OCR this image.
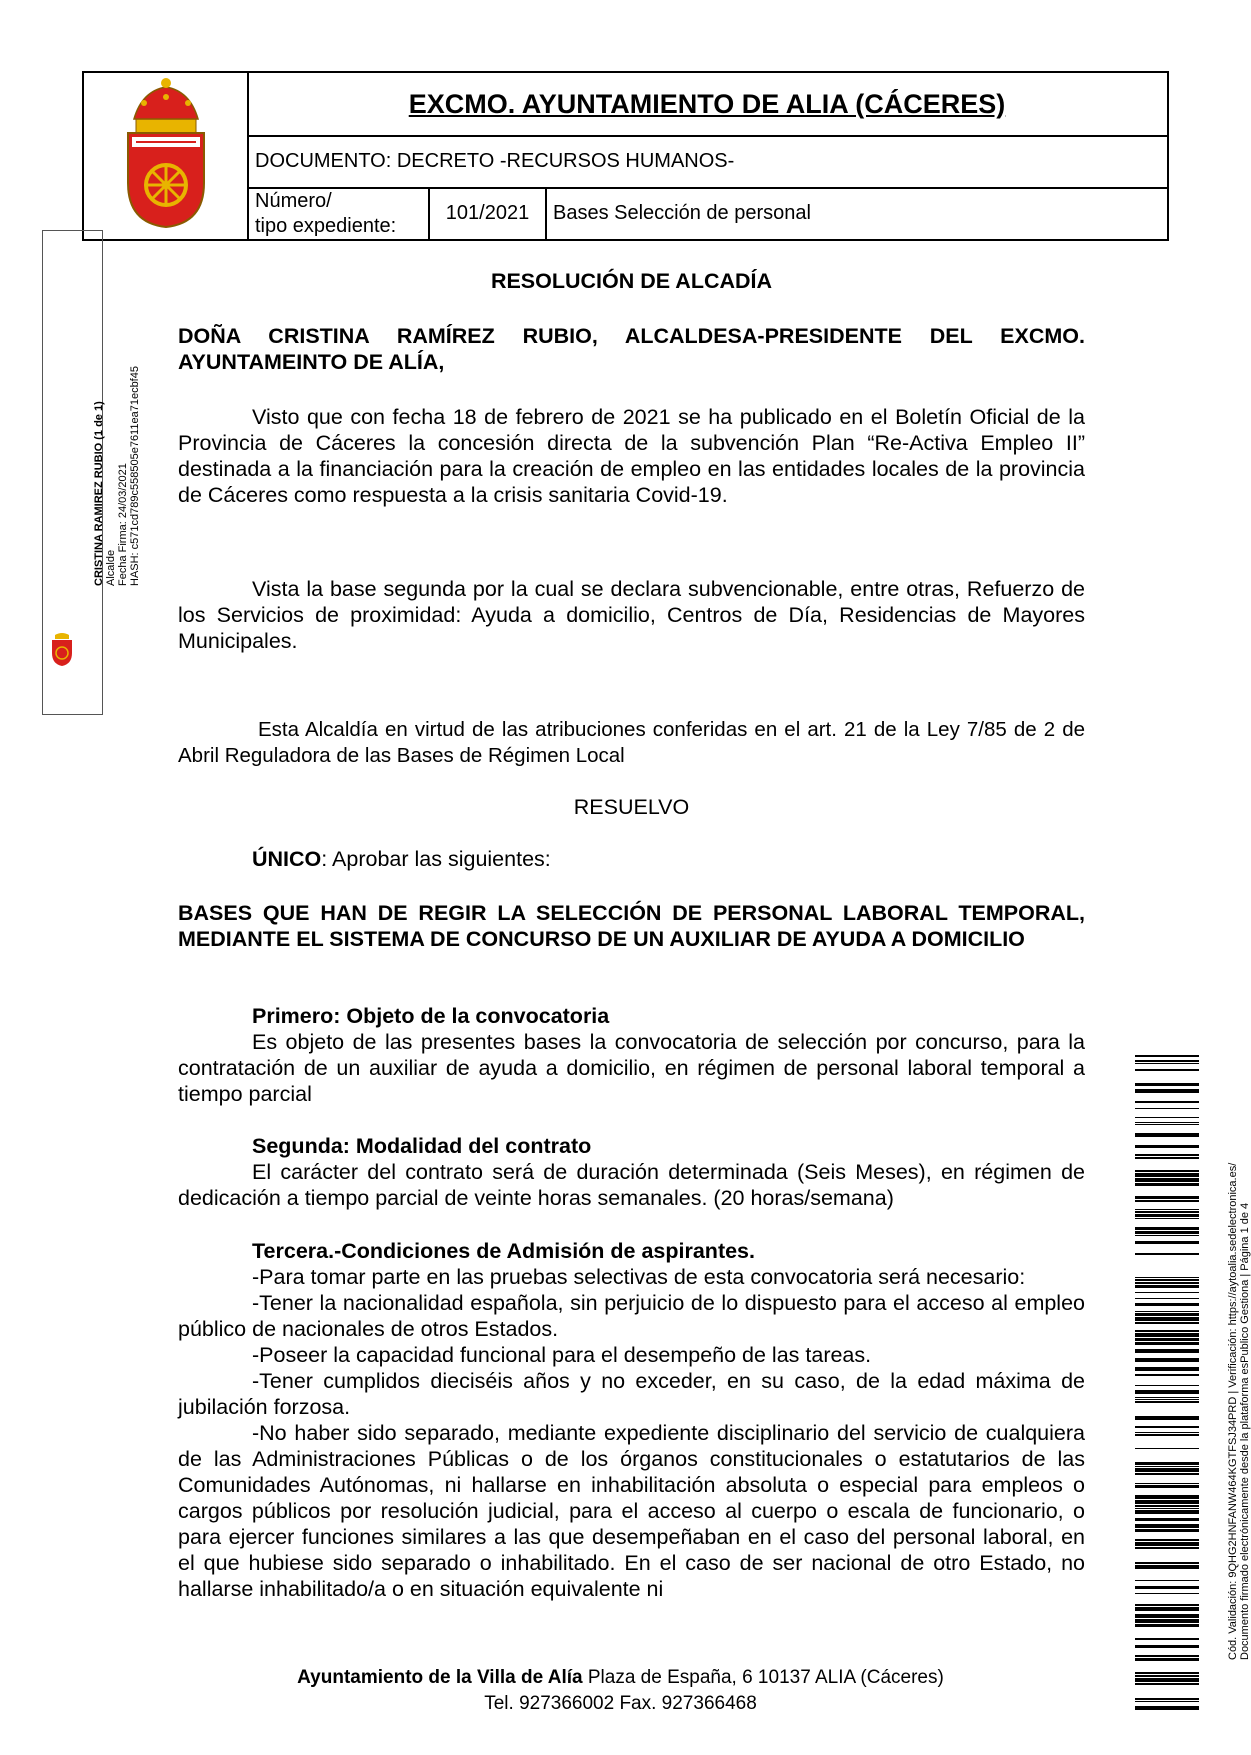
EXCMO. AYUNTAMIENTO DE ALIA (CÁCERES)
DOCUMENTO: DECRETO -RECURSOS HUMANOS-
Número/
tipo expediente:
101/2021	Bases Selección de personal
CRISTINA RAMIREZ RUBIO (1 de 1) Alcalde Fecha Firma: 24/03/2021 HASH: c571cd789c558505e7611ea71ecbf45
Cód. Validación: 9QHG2HNFANW464KGTFSJ34PRD | Verificación: https://aytoalia.sedelectronica.es/ Documento firmado electrónicamente desde la plataforma esPublico Gestiona | Página 1 de 4
RESOLUCIÓN DE ALCADÍA
DOÑA CRISTINA RAMÍREZ RUBIO, ALCALDESA-PRESIDENTE DEL EXCMO. AYUNTAMEINTO DE ALÍA,

Visto que con fecha 18 de febrero de 2021 se ha publicado en el Boletín Oficial de la Provincia de Cáceres la concesión directa de la subvención Plan “Re-Activa Empleo II” destinada a la financiación para la creación de empleo en las entidades locales de la provincia de Cáceres como respuesta a la crisis sanitaria Covid-19.

Vista la base segunda por la cual se declara subvencionable, entre otras, Refuerzo de los Servicios de proximidad: Ayuda a domicilio, Centros de Día, Residencias de Mayores Municipales.

Esta Alcaldía en virtud de las atribuciones conferidas en el art. 21 de la Ley 7/85 de 2 de Abril Reguladora de las Bases de Régimen Local

RESUELVO

ÚNICO: Aprobar las siguientes:

BASES QUE HAN DE REGIR LA SELECCIÓN DE PERSONAL LABORAL TEMPORAL, MEDIANTE EL SISTEMA DE CONCURSO DE UN AUXILIAR DE AYUDA A DOMICILIO

Primero: Objeto de la convocatoria

Es objeto de las presentes bases la convocatoria de selección por concurso, para la contratación de un auxiliar de ayuda a domicilio, en régimen de personal laboral temporal a tiempo parcial

Segunda: Modalidad del contrato

El carácter del contrato será de duración determinada (Seis Meses), en régimen de dedicación a tiempo parcial de veinte horas semanales. (20 horas/semana)

Tercera.-Condiciones de Admisión de aspirantes.

-Para tomar parte en las pruebas selectivas de esta convocatoria será necesario:

-Tener la nacionalidad española, sin perjuicio de lo dispuesto para el acceso al empleo público de nacionales de otros Estados.

-Poseer la capacidad funcional para el desempeño de las tareas.

-Tener cumplidos dieciséis años y no exceder, en su caso, de la edad máxima de jubilación forzosa.

-No haber sido separado, mediante expediente disciplinario del servicio de cualquiera de las Administraciones Públicas o de los órganos constitucionales o estatutarios de las Comunidades Autónomas, ni hallarse en inhabilitación absoluta o especial para empleos o cargos públicos por resolución judicial, para el acceso al cuerpo o escala de funcionario, o para ejercer funciones similares a las que desempeñaban en el caso del personal laboral, en el que hubiese sido separado o inhabilitado. En el caso de ser nacional de otro Estado, no hallarse inhabilitado/a o en situación equivalente ni

Ayuntamiento de la Villa de Alía Plaza de España, 6 10137 ALIA (Cáceres)
Tel. 927366002 Fax. 927366468
